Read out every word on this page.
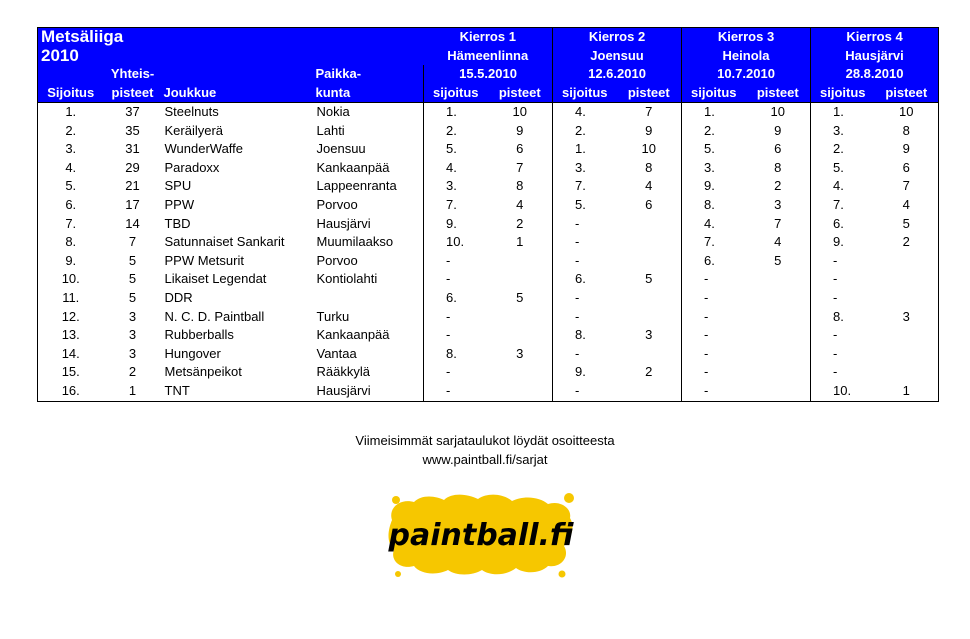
Metsäliiga				Kierros 1		Kierros 2		Kierros 3		Kierros 4	
2010				Hämeenlinna		Joensuu		Heinola		Hausjärvi	
	Yhteis-		Paikka-	15.5.2010		12.6.2010		10.7.2010		28.8.2010	
Sijoitus	pisteet	Joukkue	kunta	sijoitus	pisteet	sijoitus	pisteet	sijoitus	pisteet	sijoitus	pisteet
1.	37	Steelnuts	Nokia	1.	10	4.	7	1.	10	1.	10
2.	35	Keräilyerä	Lahti	2.	9	2.	9	2.	9	3.	8
3.	31	WunderWaffe	Joensuu	5.	6	1.	10	5.	6	2.	9
4.	29	Paradoxx	Kankaanpää	4.	7	3.	8	3.	8	5.	6
5.	21	SPU	Lappeenranta	3.	8	7.	4	9.	2	4.	7
6.	17	PPW	Porvoo	7.	4	5.	6	8.	3	7.	4
7.	14	TBD	Hausjärvi	9.	2	-		4.	7	6.	5
8.	7	Satunnaiset Sankarit	Muumilaakso	10.	1	-		7.	4	9.	2
9.	5	PPW Metsurit	Porvoo	-		-		6.	5	-	
10.	5	Likaiset Legendat	Kontiolahti	-		6.	5	-		-	
11.	5	DDR		6.	5	-		-		-	
12.	3	N. C. D. Paintball	Turku	-		-		-		8.	3
13.	3	Rubberballs	Kankaanpää	-		8.	3	-		-	
14.	3	Hungover	Vantaa	8.	3	-		-		-	
15.	2	Metsänpeikot	Rääkkylä	-		9.	2	-		-	
16.	1	TNT	Hausjärvi	-		-		-		10.	1
Viimeisimmät sarjataulukot löydät osoitteesta
www.paintball.fi/sarjat
paintball.fi
